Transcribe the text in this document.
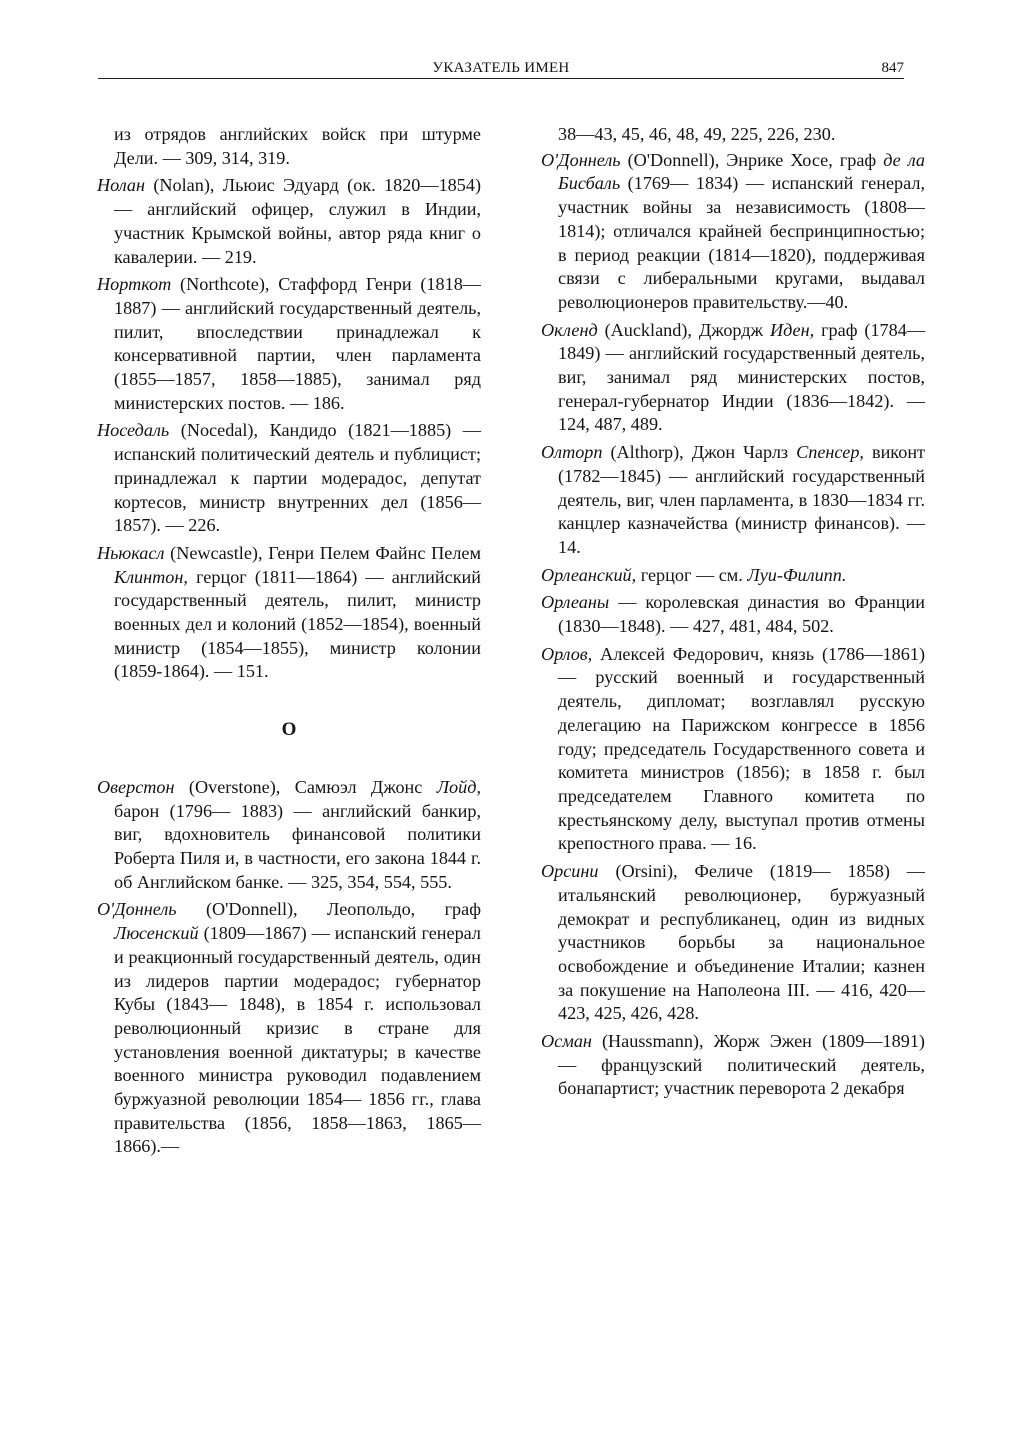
УКАЗАТЕЛЬ ИМЕН	847
из отрядов английских войск при штурме Дели. — 309, 314, 319.
Нолан (Nolan), Льюис Эдуард (ок. 1820—1854) — английский офицер, служил в Индии, участник Крымской войны, автор ряда книг о кавалерии. — 219.
Норткот (Northcote), Стаффорд Генри (1818—1887) — английский государственный деятель, пилит, впоследствии принадлежал к консервативной партии, член парламента (1855—1857, 1858—1885), занимал ряд министерских постов. — 186.
Носедаль (Nocedal), Кандидо (1821—1885) — испанский политический деятель и публицист; принадлежал к партии модерадос, депутат кортесов, министр внутренних дел (1856—1857). — 226.
Ньюкасл (Newcastle), Генри Пелем Файнс Пелем Клинтон, герцог (1811—1864) — английский государственный деятель, пилит, министр военных дел и колоний (1852—1854), военный министр (1854—1855), министр колонии (1859-1864). — 151.
О
Оверстон (Overstone), Самюэл Джонс Лойд, барон (1796— 1883) — английский банкир, виг, вдохновитель финансовой политики Роберта Пиля и, в частности, его закона 1844 г. об Английском банке. — 325, 354, 554, 555.
О'Доннель (O'Donnell), Леопольдо, граф Люсенский (1809—1867) — испанский генерал и реакционный государственный деятель, один из лидеров партии модерадос; губернатор Кубы (1843— 1848), в 1854 г. использовал революционный кризис в стране для установления военной диктатуры; в качестве военного министра руководил подавлением буржуазной революции 1854— 1856 гг., глава правительства (1856, 1858—1863, 1865—1866).—
38—43, 45, 46, 48, 49, 225, 226, 230.
О'Доннель (O'Donnell), Энрике Хосе, граф де ла Бисбаль (1769— 1834) — испанский генерал, участник войны за независимость (1808—1814); отличался крайней беспринципностью; в период реакции (1814—1820), поддерживая связи с либеральными кругами, выдавал революционеров правительству.—40.
Окленд (Auckland), Джордж Иден, граф (1784—1849) — английский государственный деятель, виг, занимал ряд министерских постов, генерал-губернатор Индии (1836—1842). — 124, 487, 489.
Олторп (Althorp), Джон Чарлз Спенсер, виконт (1782—1845) — английский государственный деятель, виг, член парламента, в 1830—1834 гг. канцлер казначейства (министр финансов). — 14.
Орлеанский, герцог — см. Луи-Филипп.
Орлеаны — королевская династия во Франции (1830—1848). — 427, 481, 484, 502.
Орлов, Алексей Федорович, князь (1786—1861) — русский военный и государственный деятель, дипломат; возглавлял русскую делегацию на Парижском конгрессе в 1856 году; председатель Государственного совета и комитета министров (1856); в 1858 г. был председателем Главного комитета по крестьянскому делу, выступал против отмены крепостного права. — 16.
Орсини (Orsini), Феличе (1819— 1858) — итальянский революционер, буржуазный демократ и республиканец, один из видных участников борьбы за национальное освобождение и объединение Италии; казнен за покушение на Наполеона III. — 416, 420—423, 425, 426, 428.
Осман (Haussmann), Жорж Эжен (1809—1891) — французский политический деятель, бонапартист; участник переворота 2 декабря
